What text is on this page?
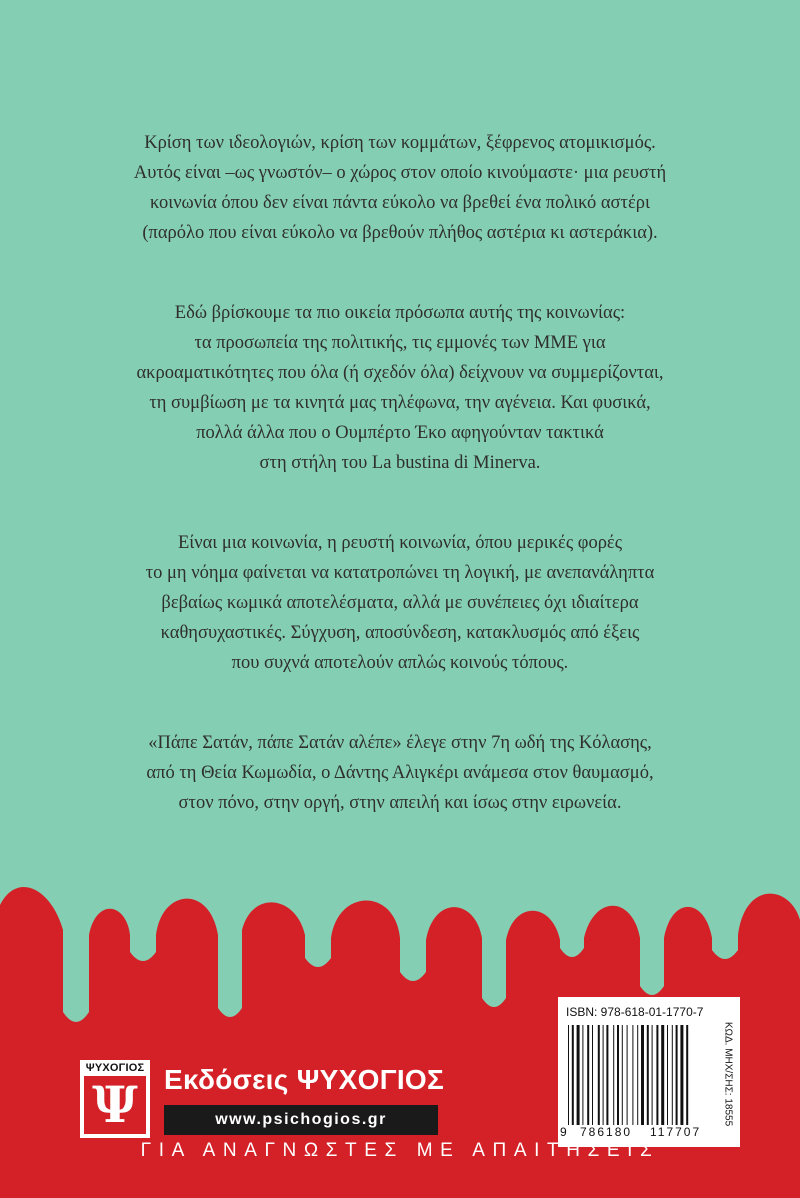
Κρίση των ιδεολογιών, κρίση των κομμάτων, ξέφρενος ατομικισμός.
Αυτός είναι –ως γνωστόν– ο χώρος στον οποίο κινούμαστε· μια ρευστή
κοινωνία όπου δεν είναι πάντα εύκολο να βρεθεί ένα πολικό αστέρι
(παρόλο που είναι εύκολο να βρεθούν πλήθος αστέρια κι αστεράκια).

Εδώ βρίσκουμε τα πιο οικεία πρόσωπα αυτής της κοινωνίας:
τα προσωπεία της πολιτικής, τις εμμονές των ΜΜΕ για
ακροαματικότητες που όλα (ή σχεδόν όλα) δείχνουν να συμμερίζονται,
τη συμβίωση με τα κινητά μας τηλέφωνα, την αγένεια. Και φυσικά,
πολλά άλλα που ο Ουμπέρτο Έκο αφηγούνταν τακτικά
στη στήλη του La bustina di Minerva.

Είναι μια κοινωνία, η ρευστή κοινωνία, όπου μερικές φορές
το μη νόημα φαίνεται να κατατροπώνει τη λογική, με ανεπανάληπτα
βεβαίως κωμικά αποτελέσματα, αλλά με συνέπειες όχι ιδιαίτερα
καθησυχαστικές. Σύγχυση, αποσύνδεση, κατακλυσμός από έξεις
που συχνά αποτελούν απλώς κοινούς τόπους.

«Πάπε Σατάν, πάπε Σατάν αλέπε» έλεγε στην 7η ωδή της Κόλασης,
από τη Θεία Κωμωδία, ο Δάντης Αλιγκέρι ανάμεσα στον θαυμασμό,
στον πόνο, στην οργή, στην απειλή και ίσως στην ειρωνεία.

ΨΥΧΟΓΙΟΣ
Ψ Εκδόσεις ΨΥΧΟΓΙΟΣ
www.psichogios.gr
ISBN: 978-618-01-1770-7
9 786180 117707
ΚΩΔ. ΜΗΧ/ΣΗΣ: 18555
ΓΙΑ ΑΝΑΓΝΩΣΤΕΣ ΜΕ ΑΠΑΙΤΗΣΕΙΣ
